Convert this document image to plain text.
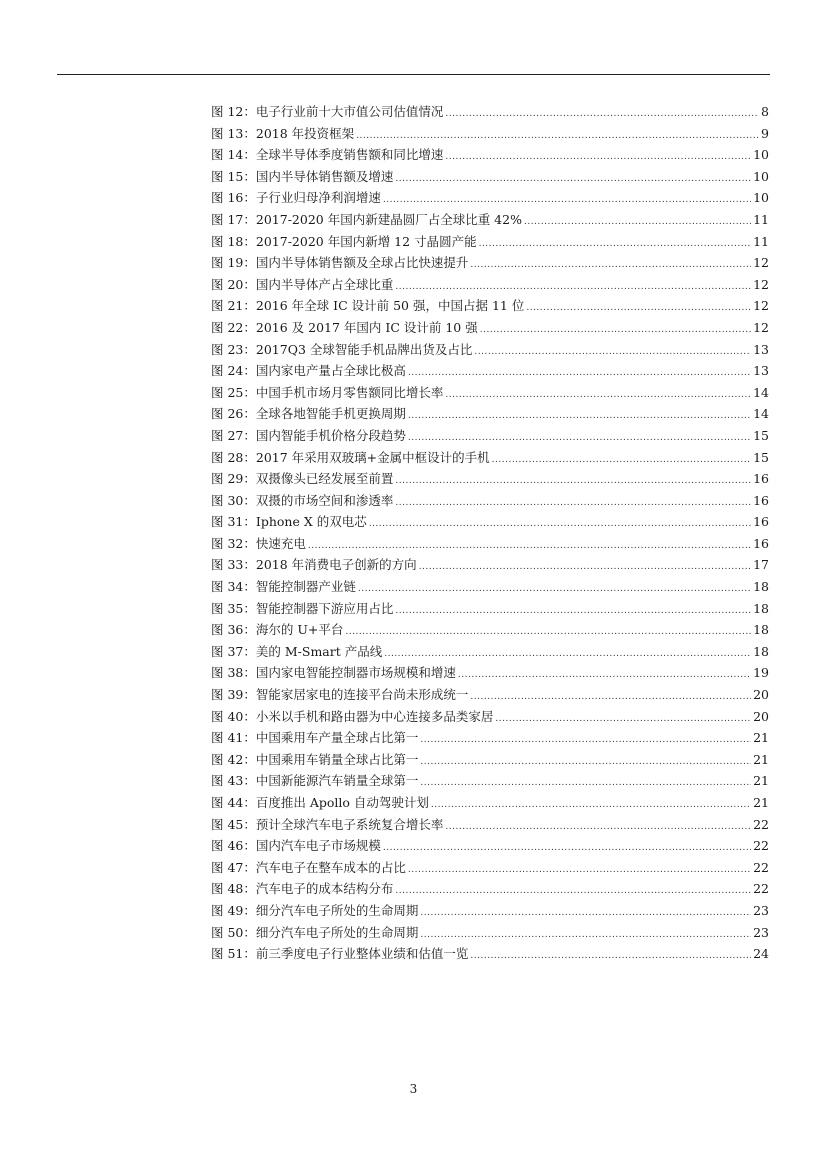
图 12： 电子行业前十大市值公司估值情况 .....	8
图 13： 2018 年投资框架 .....	9
图 14： 全球半导体季度销售额和同比增速 .....	10
图 15： 国内半导体销售额及增速 .....	10
图 16： 子行业归母净利润增速 .....	10
图 17： 2017-2020 年国内新建晶圆厂占全球比重 42% .....	11
图 18： 2017-2020 年国内新增 12 寸晶圆产能 .....	11
图 19： 国内半导体销售额及全球占比快速提升 .....	12
图 20： 国内半导体产占全球比重 .....	12
图 21： 2016 年全球 IC 设计前 50 强，中国占据 11 位 .....	12
图 22： 2016 及 2017 年国内 IC 设计前 10 强 .....	12
图 23： 2017Q3 全球智能手机品牌出货及占比 .....	13
图 24： 国内家电产量占全球比极高 .....	13
图 25： 中国手机市场月零售额同比增长率 .....	14
图 26： 全球各地智能手机更换周期 .....	14
图 27： 国内智能手机价格分段趋势 .....	15
图 28： 2017 年采用双玻璃+金属中框设计的手机 .....	15
图 29： 双摄像头已经发展至前置 .....	16
图 30： 双摄的市场空间和渗透率 .....	16
图 31： Iphone X 的双电芯 .....	16
图 32： 快速充电 .....	16
图 33： 2018 年消费电子创新的方向 .....	17
图 34： 智能控制器产业链 .....	18
图 35： 智能控制器下游应用占比 .....	18
图 36： 海尔的 U+平台 .....	18
图 37： 美的 M-Smart 产品线 .....	18
图 38： 国内家电智能控制器市场规模和增速 .....	19
图 39： 智能家居家电的连接平台尚未形成统一 .....	20
图 40： 小米以手机和路由器为中心连接多品类家居 .....	20
图 41： 中国乘用车产量全球占比第一 .....	21
图 42： 中国乘用车销量全球占比第一 .....	21
图 43： 中国新能源汽车销量全球第一 .....	21
图 44： 百度推出 Apollo 自动驾驶计划 .....	21
图 45： 预计全球汽车电子系统复合增长率 .....	22
图 46： 国内汽车电子市场规模 .....	22
图 47： 汽车电子在整车成本的占比 .....	22
图 48： 汽车电子的成本结构分布 .....	22
图 49： 细分汽车电子所处的生命周期 .....	23
图 50： 细分汽车电子所处的生命周期 .....	23
图 51： 前三季度电子行业整体业绩和估值一览 .....	24
3
